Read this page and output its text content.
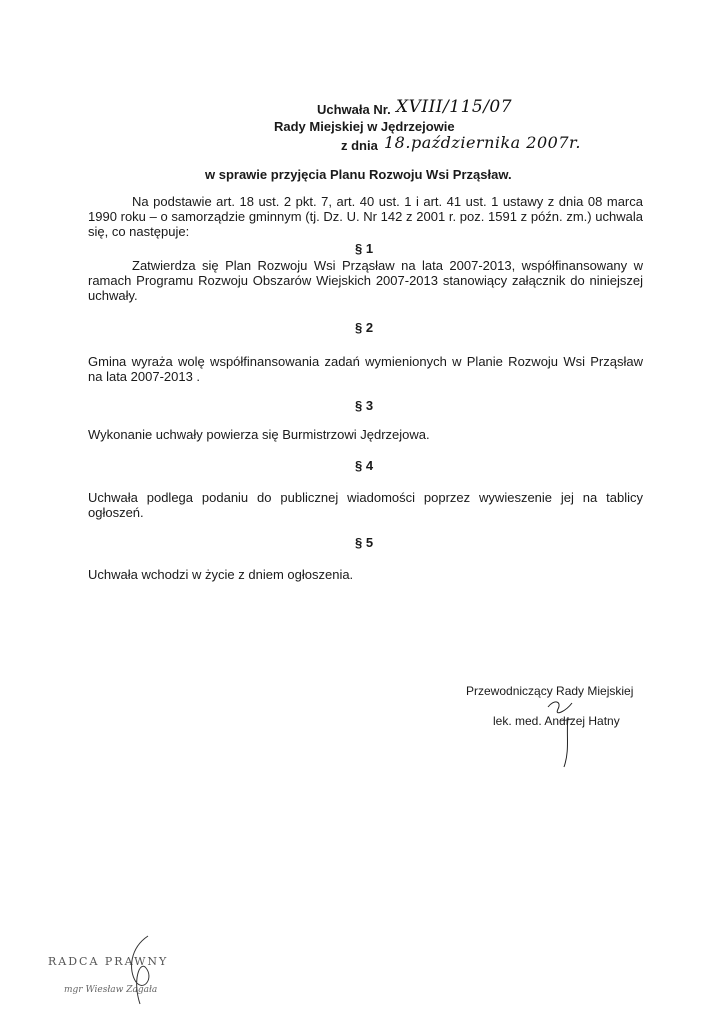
Uchwała Nr. XVIII/115/07
Rady Miejskiej w Jędrzejowie
z dnia 18.października 2007r.
w sprawie przyjęcia Planu Rozwoju Wsi Prząsław.
Na podstawie art. 18 ust. 2 pkt. 7, art. 40 ust. 1 i art. 41 ust. 1 ustawy z dnia 08 marca 1990 roku – o samorządzie gminnym (tj. Dz. U. Nr 142 z 2001 r. poz. 1591 z późn. zm.) uchwala się, co następuje:
§ 1
Zatwierdza się Plan Rozwoju Wsi Prząsław na lata 2007-2013, współfinansowany w ramach Programu Rozwoju Obszarów Wiejskich 2007-2013 stanowiący załącznik do niniejszej uchwały.
§ 2
Gmina wyraża wolę współfinansowania zadań wymienionych w Planie Rozwoju Wsi Prząsław na lata 2007-2013 .
§ 3
Wykonanie uchwały powierza się Burmistrzowi Jędrzejowa.
§ 4
Uchwała podlega podaniu do publicznej wiadomości poprzez wywieszenie jej na tablicy ogłoszeń.
§ 5
Uchwała wchodzi w życie z dniem ogłoszenia.
Przewodniczący Rady Miejskiej
lek. med. Andrzej Hatny
RADCA PRAWNY
mgr Wiesław Zagała
